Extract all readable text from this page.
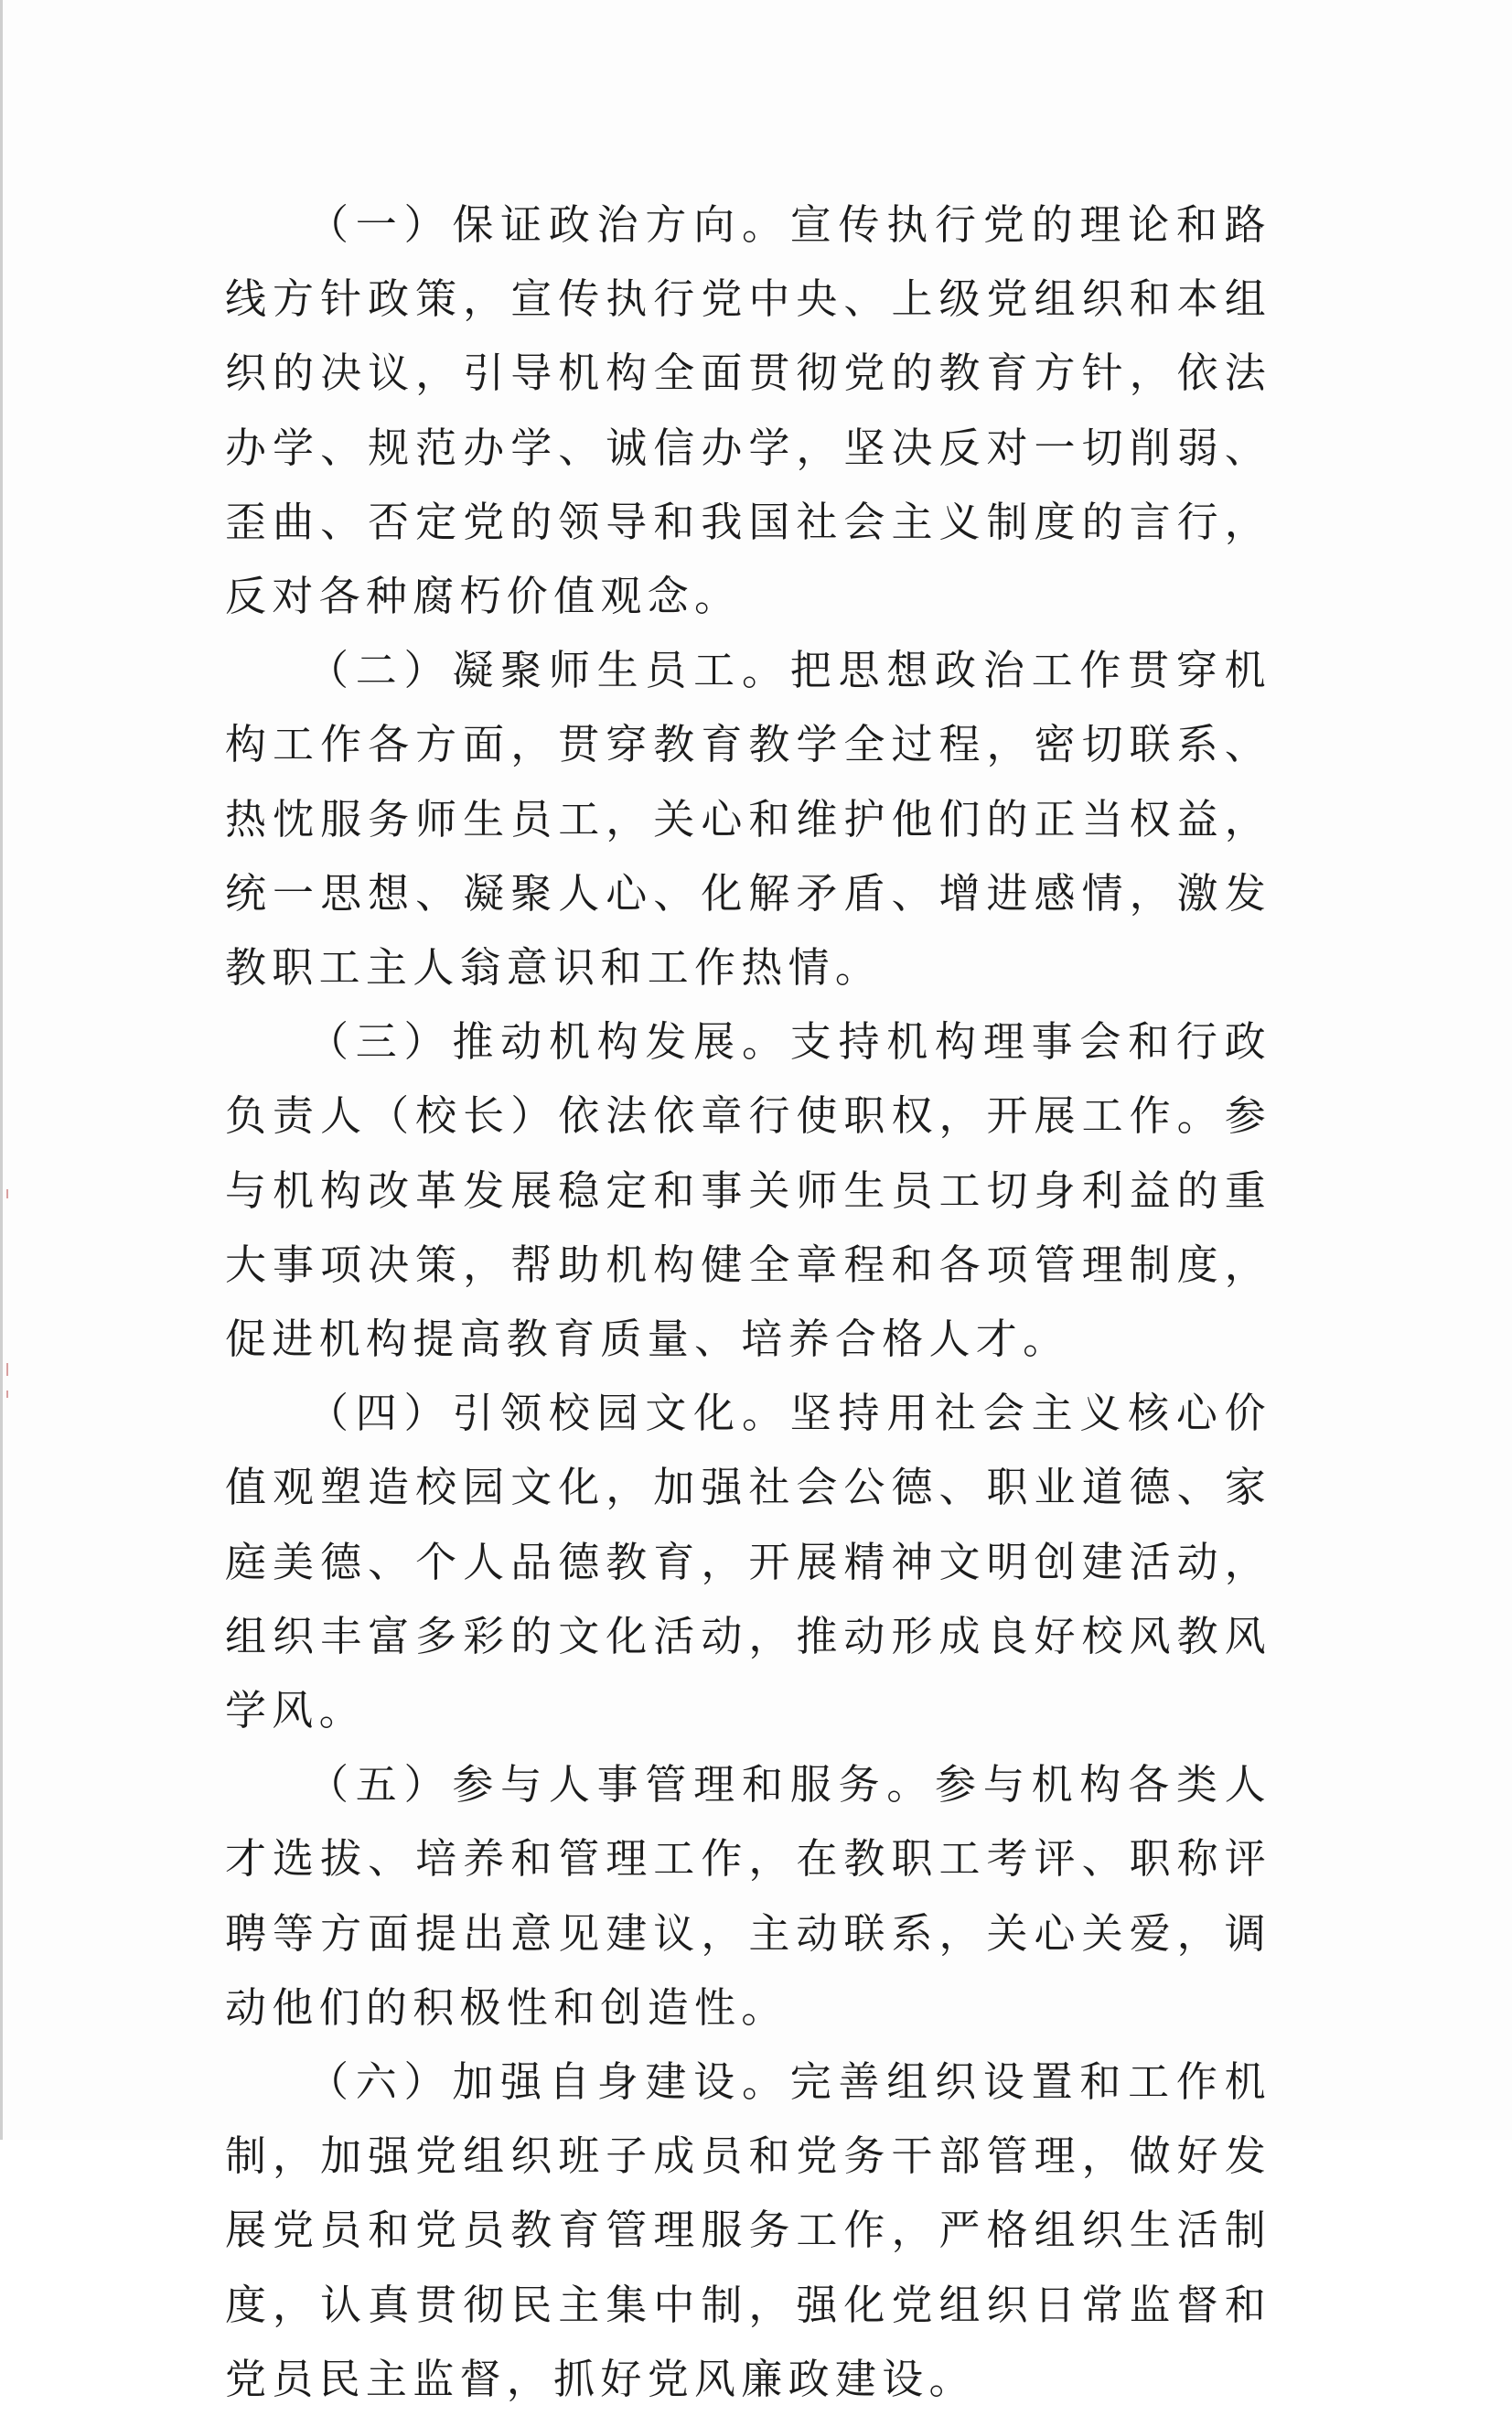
（一）保证政治方向。宣传执行党的理论和路线方针政策，宣传执行党中央、上级党组织和本组织的决议，引导机构全面贯彻党的教育方针，依法办学、规范办学、诚信办学，坚决反对一切削弱、歪曲、否定党的领导和我国社会主义制度的言行，反对各种腐朽价值观念。

（二）凝聚师生员工。把思想政治工作贯穿机构工作各方面，贯穿教育教学全过程，密切联系、热忱服务师生员工，关心和维护他们的正当权益，统一思想、凝聚人心、化解矛盾、增进感情，激发教职工主人翁意识和工作热情。

（三）推动机构发展。支持机构理事会和行政负责人（校长）依法依章行使职权，开展工作。参与机构改革发展稳定和事关师生员工切身利益的重大事项决策，帮助机构健全章程和各项管理制度，促进机构提高教育质量、培养合格人才。

（四）引领校园文化。坚持用社会主义核心价值观塑造校园文化，加强社会公德、职业道德、家庭美德、个人品德教育，开展精神文明创建活动，组织丰富多彩的文化活动，推动形成良好校风教风学风。

（五）参与人事管理和服务。参与机构各类人才选拔、培养和管理工作，在教职工考评、职称评聘等方面提出意见建议，主动联系，关心关爱，调动他们的积极性和创造性。

（六）加强自身建设。完善组织设置和工作机制，加强党组织班子成员和党务干部管理，做好发展党员和党员教育管理服务工作，严格组织生活制度，认真贯彻民主集中制，强化党组织日常监督和党员民主监督，抓好党风廉政建设。
